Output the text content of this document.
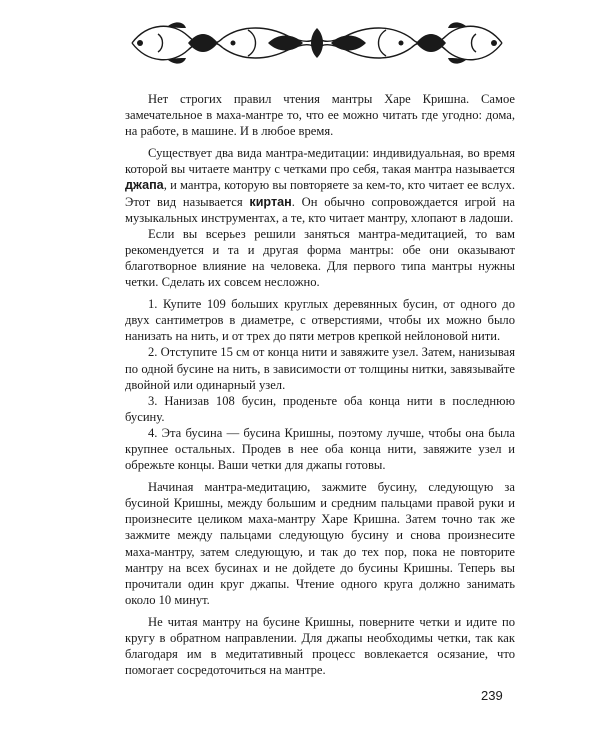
Нет строгих правил чтения мантры Харе Кришна. Самое замечательное в маха-мантре то, что ее можно читать где угодно: дома, на работе, в машине. И в любое время.

Существует два вида мантра-медитации: индивидуальная, во время которой вы читаете мантру с четками про себя, такая мантра называется джапа, и мантра, которую вы повторяете за кем-то, кто читает ее вслух. Этот вид называется киртан. Он обычно сопровождается игрой на музыкальных инструментах, а те, кто читает мантру, хлопают в ладоши.

Если вы всерьез решили заняться мантра-медитацией, то вам рекомендуется и та и другая форма мантры: обе они оказывают благотворное влияние на человека. Для первого типа мантры нужны четки. Сделать их совсем несложно.

1. Купите 109 больших круглых деревянных бусин, от одного до двух сантиметров в диаметре, с отверстиями, чтобы их можно было нанизать на нить, и от трех до пяти метров крепкой нейлоновой нити.

2. Отступите 15 см от конца нити и завяжите узел. Затем, нанизывая по одной бусине на нить, в зависимости от толщины нитки, завязывайте двойной или одинарный узел.

3. Нанизав 108 бусин, проденьте оба конца нити в последнюю бусину.

4. Эта бусина — бусина Кришны, поэтому лучше, чтобы она была крупнее остальных. Продев в нее оба конца нити, завяжите узел и обрежьте концы. Ваши четки для джапы готовы.

Начиная мантра-медитацию, зажмите бусину, следующую за бусиной Кришны, между большим и средним пальцами правой руки и произнесите целиком маха-мантру Харе Кришна. Затем точно так же зажмите между пальцами следующую бусину и снова произнесите маха-мантру, затем следующую, и так до тех пор, пока не повторите мантру на всех бусинах и не дойдете до бусины Кришны. Теперь вы прочитали один круг джапы. Чтение одного круга должно занимать около 10 минут.

Не читая мантру на бусине Кришны, поверните четки и идите по кругу в обратном направлении. Для джапы необходимы четки, так как благодаря им в медитативный процесс вовлекается осязание, что помогает сосредоточиться на мантре.

239
